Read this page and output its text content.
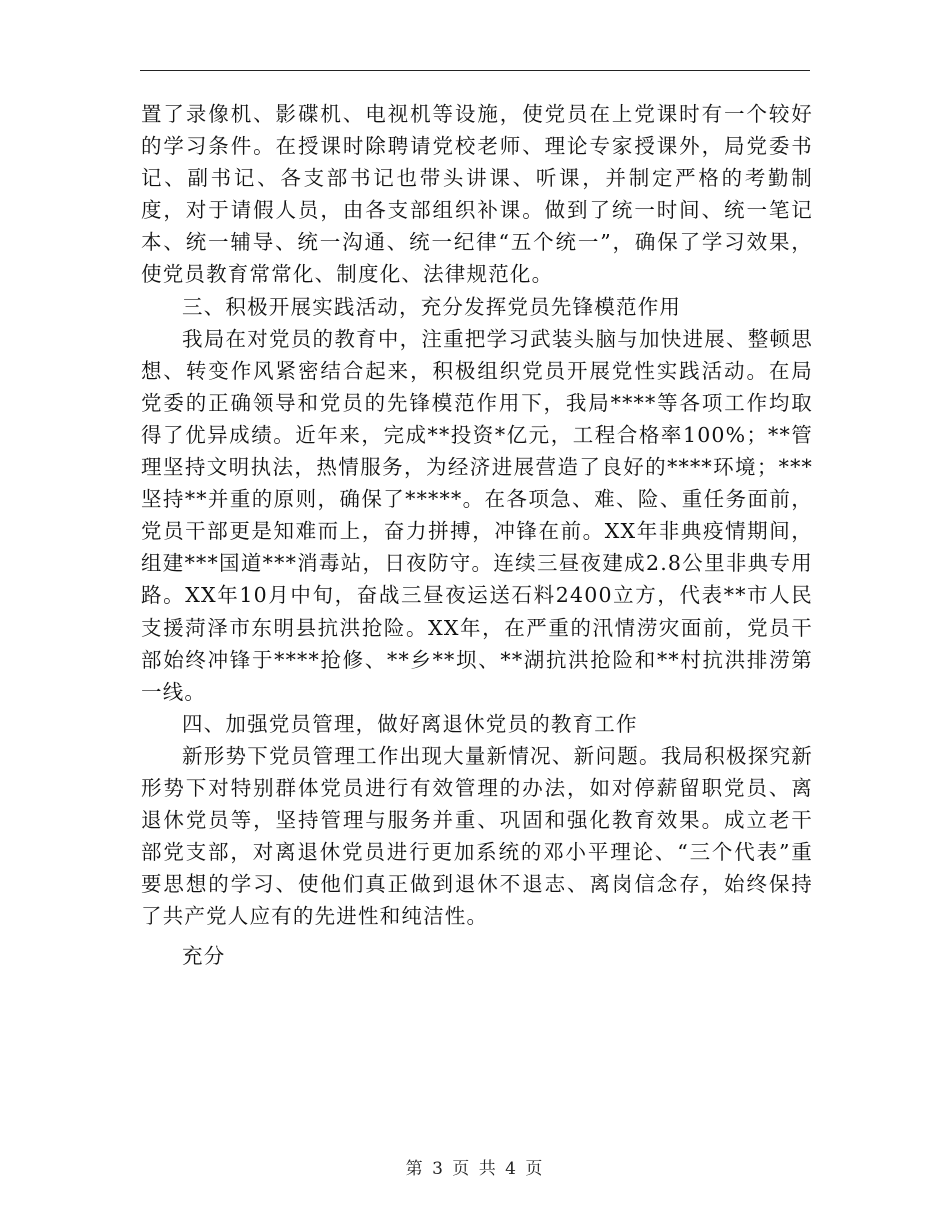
置了录像机、影碟机、电视机等设施，使党员在上党课时有一个较好的学习条件。在授课时除聘请党校老师、理论专家授课外，局党委书记、副书记、各支部书记也带头讲课、听课，并制定严格的考勤制度，对于请假人员，由各支部组织补课。做到了统一时间、统一笔记本、统一辅导、统一沟通、统一纪律“五个统一”，确保了学习效果，使党员教育常常化、制度化、法律规范化。

三、积极开展实践活动，充分发挥党员先锋模范作用

我局在对党员的教育中，注重把学习武装头脑与加快进展、整顿思想、转变作风紧密结合起来，积极组织党员开展党性实践活动。在局党委的正确领导和党员的先锋模范作用下，我局****等各项工作均取得了优异成绩。近年来，完成**投资*亿元，工程合格率100%；**管理坚持文明执法，热情服务，为经济进展营造了良好的****环境；***坚持**并重的原则，确保了*****。在各项急、难、险、重任务面前，党员干部更是知难而上，奋力拼搏，冲锋在前。XX年非典疫情期间，组建***国道***消毒站，日夜防守。连续三昼夜建成2.8公里非典专用路。XX年10月中旬，奋战三昼夜运送石料2400立方，代表**市人民支援菏泽市东明县抗洪抢险。XX年，在严重的汛情涝灾面前，党员干部始终冲锋于****抢修、**乡**坝、**湖抗洪抢险和**村抗洪排涝第一线。

四、加强党员管理，做好离退休党员的教育工作

新形势下党员管理工作出现大量新情况、新问题。我局积极探究新形势下对特别群体党员进行有效管理的办法，如对停薪留职党员、离退休党员等，坚持管理与服务并重、巩固和强化教育效果。成立老干部党支部，对离退休党员进行更加系统的邓小平理论、“三个代表”重要思想的学习、使他们真正做到退休不退志、离岗信念存，始终保持了共产党人应有的先进性和纯洁性。

充分

第 3 页 共 4 页
